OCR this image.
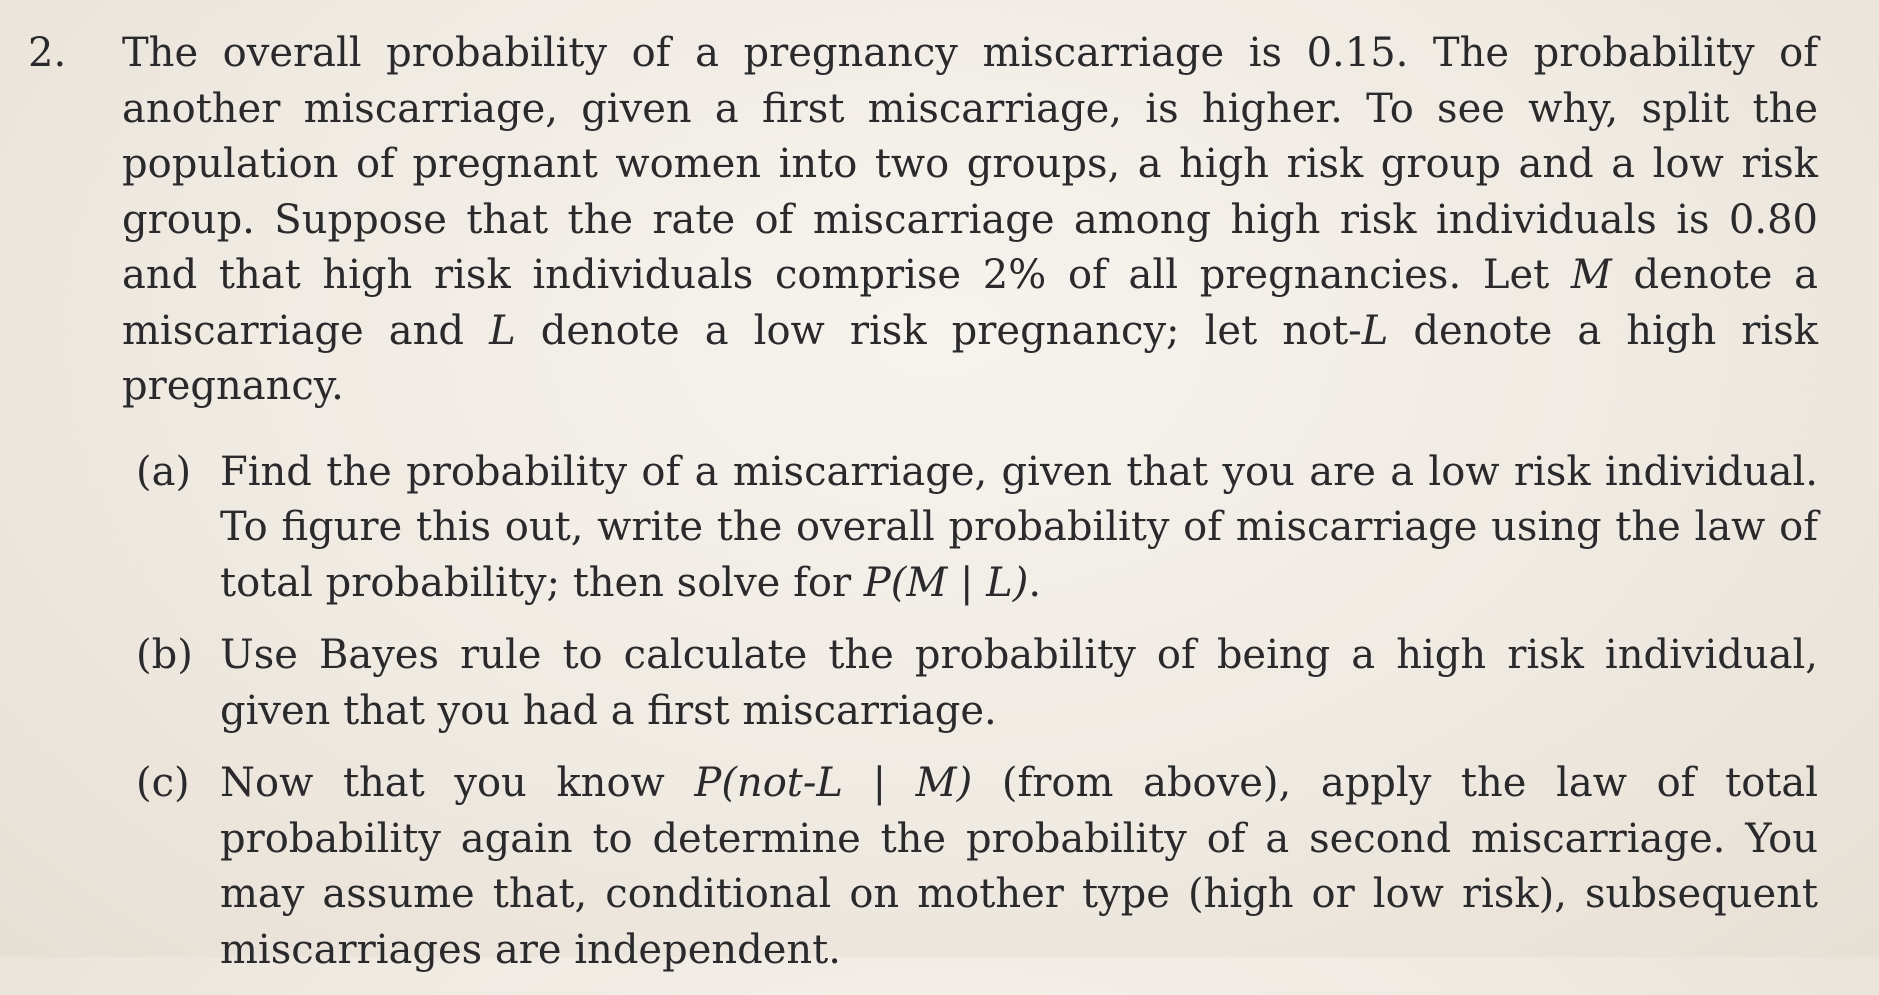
2. The overall probability of a pregnancy miscarriage is 0.15. The probability of another miscarriage, given a first miscarriage, is higher. To see why, split the population of pregnant women into two groups, a high risk group and a low risk group. Suppose that the rate of miscarriage among high risk individuals is 0.80 and that high risk individuals comprise 2% of all pregnancies. Let M denote a miscarriage and L denote a low risk pregnancy; let not-L denote a high risk pregnancy.
(a) Find the probability of a miscarriage, given that you are a low risk individual. To figure this out, write the overall probability of miscarriage using the law of total probability; then solve for P(M | L).
(b) Use Bayes rule to calculate the probability of being a high risk individual, given that you had a first miscarriage.
(c) Now that you know P(not-L | M) (from above), apply the law of total probability again to determine the probability of a second miscarriage. You may assume that, conditional on mother type (high or low risk), subsequent miscarriages are independent.
